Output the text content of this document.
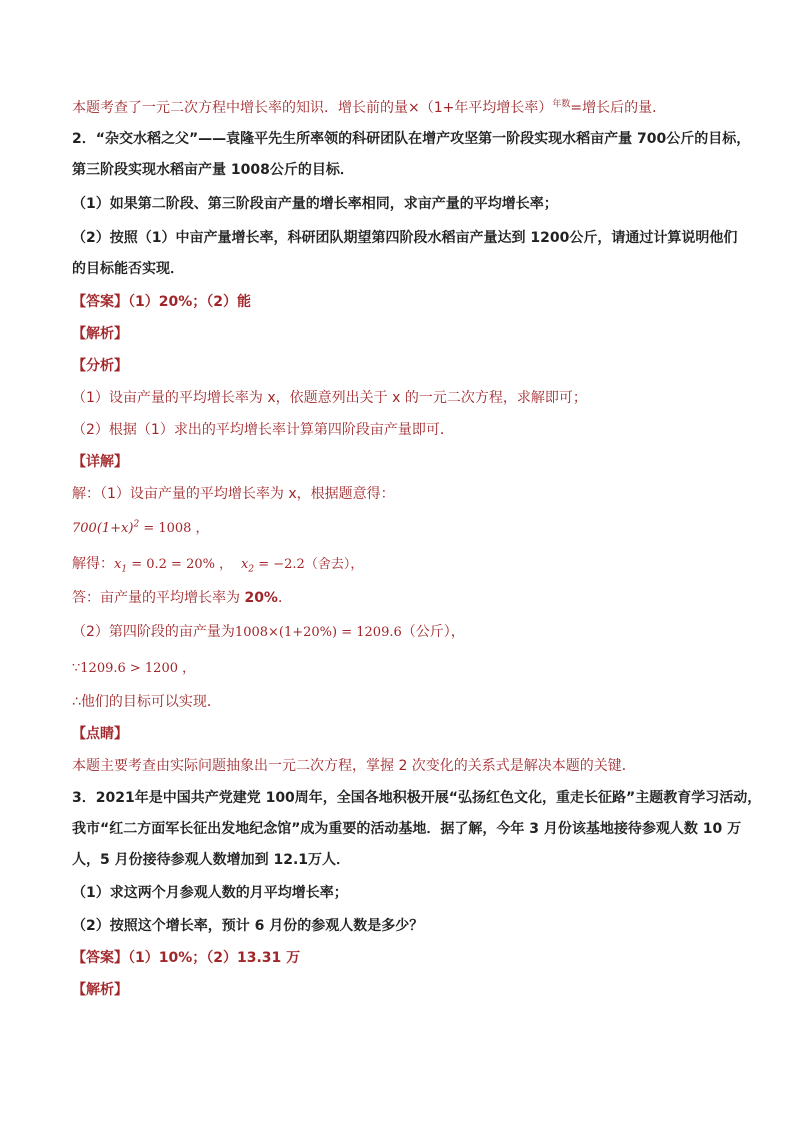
本题考查了一元二次方程中增长率的知识．增长前的量×（1+年平均增长率）$^{年数}$=增长后的量．
2．“杂交水稻之父”——袁隆平先生所率领的科研团队在增产攻坚第一阶段实现水稻亩产量 700公斤的目标，
第三阶段实现水稻亩产量 1008公斤的目标．
（1）如果第二阶段、第三阶段亩产量的增长率相同，求亩产量的平均增长率；
（2）按照（1）中亩产量增长率，科研团队期望第四阶段水稻亩产量达到 1200公斤，请通过计算说明他们
的目标能否实现．
【答案】（1）20%；（2）能
【解析】
【分析】
（1）设亩产量的平均增长率为 x，依题意列出关于 x 的一元二次方程，求解即可；
（2）根据（1）求出的平均增长率计算第四阶段亩产量即可．
【详解】
解：（1）设亩产量的平均增长率为 x，根据题意得：
$700(1+x)^2 = 1008$ ，
解得：$x_1 = 0.2 = 20\%$ ， $x_2 = -2.2$（舍去），
答：亩产量的平均增长率为 20%．
（2）第四阶段的亩产量为1008×(1+20%) = 1209.6（公斤），
∵1209.6 > 1200 ，
∴他们的目标可以实现．
【点睛】
本题主要考查由实际问题抽象出一元二次方程，掌握 2 次变化的关系式是解决本题的关键．
3．2021年是中国共产党建党 100周年，全国各地积极开展“弘扬红色文化，重走长征路”主题教育学习活动，
我市“红二方面军长征出发地纪念馆”成为重要的活动基地．据了解，今年 3 月份该基地接待参观人数 10 万
人，5 月份接待参观人数增加到 12.1万人．
（1）求这两个月参观人数的月平均增长率；
（2）按照这个增长率，预计 6 月份的参观人数是多少？
【答案】（1）10%；（2）13.31 万
【解析】
